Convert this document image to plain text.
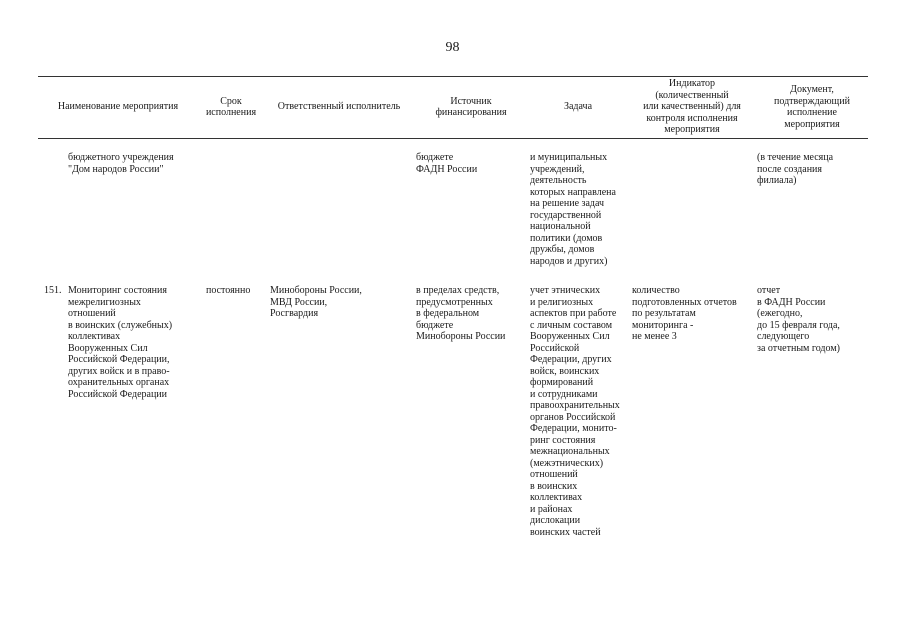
98
Наименование мероприятия
Срок
исполнения
Ответственный исполнитель
Источник
финансирования
Задача
Индикатор
(количественный
или качественный) для
контроля исполнения
мероприятия
Документ,
подтверждающий
исполнение
мероприятия
бюджетного учреждения
"Дом народов России"
бюджете
ФАДН России
и муниципальных
учреждений,
деятельность
которых направлена
на решение задач
государственной
национальной
политики (домов
дружбы, домов
народов и других)
(в течение месяца
после создания
филиала)
151. Мониторинг состояния
межрелигиозных
отношений
в воинских (служебных)
коллективах
Вооруженных Сил
Российской Федерации,
других войск и в право-
охранительных органах
Российской Федерации
постоянно	Минобороны России,
МВД России,
Росгвардия
в пределах средств,
предусмотренных
в федеральном
бюджете
Минобороны России
учет этнических
и религиозных
аспектов при работе
с личным составом
Вооруженных Сил
Российской
Федерации, других
войск, воинских
формирований
и сотрудниками
правоохранительных
органов Российской
Федерации, монито-
ринг состояния
межнациональных
(межэтнических)
отношений
в воинских
коллективах
и районах
дислокации
воинских частей
количество
подготовленных отчетов
по результатам
мониторинга -
не менее 3
отчет
в ФАДН России
(ежегодно,
до 15 февраля года,
следующего
за отчетным годом)
